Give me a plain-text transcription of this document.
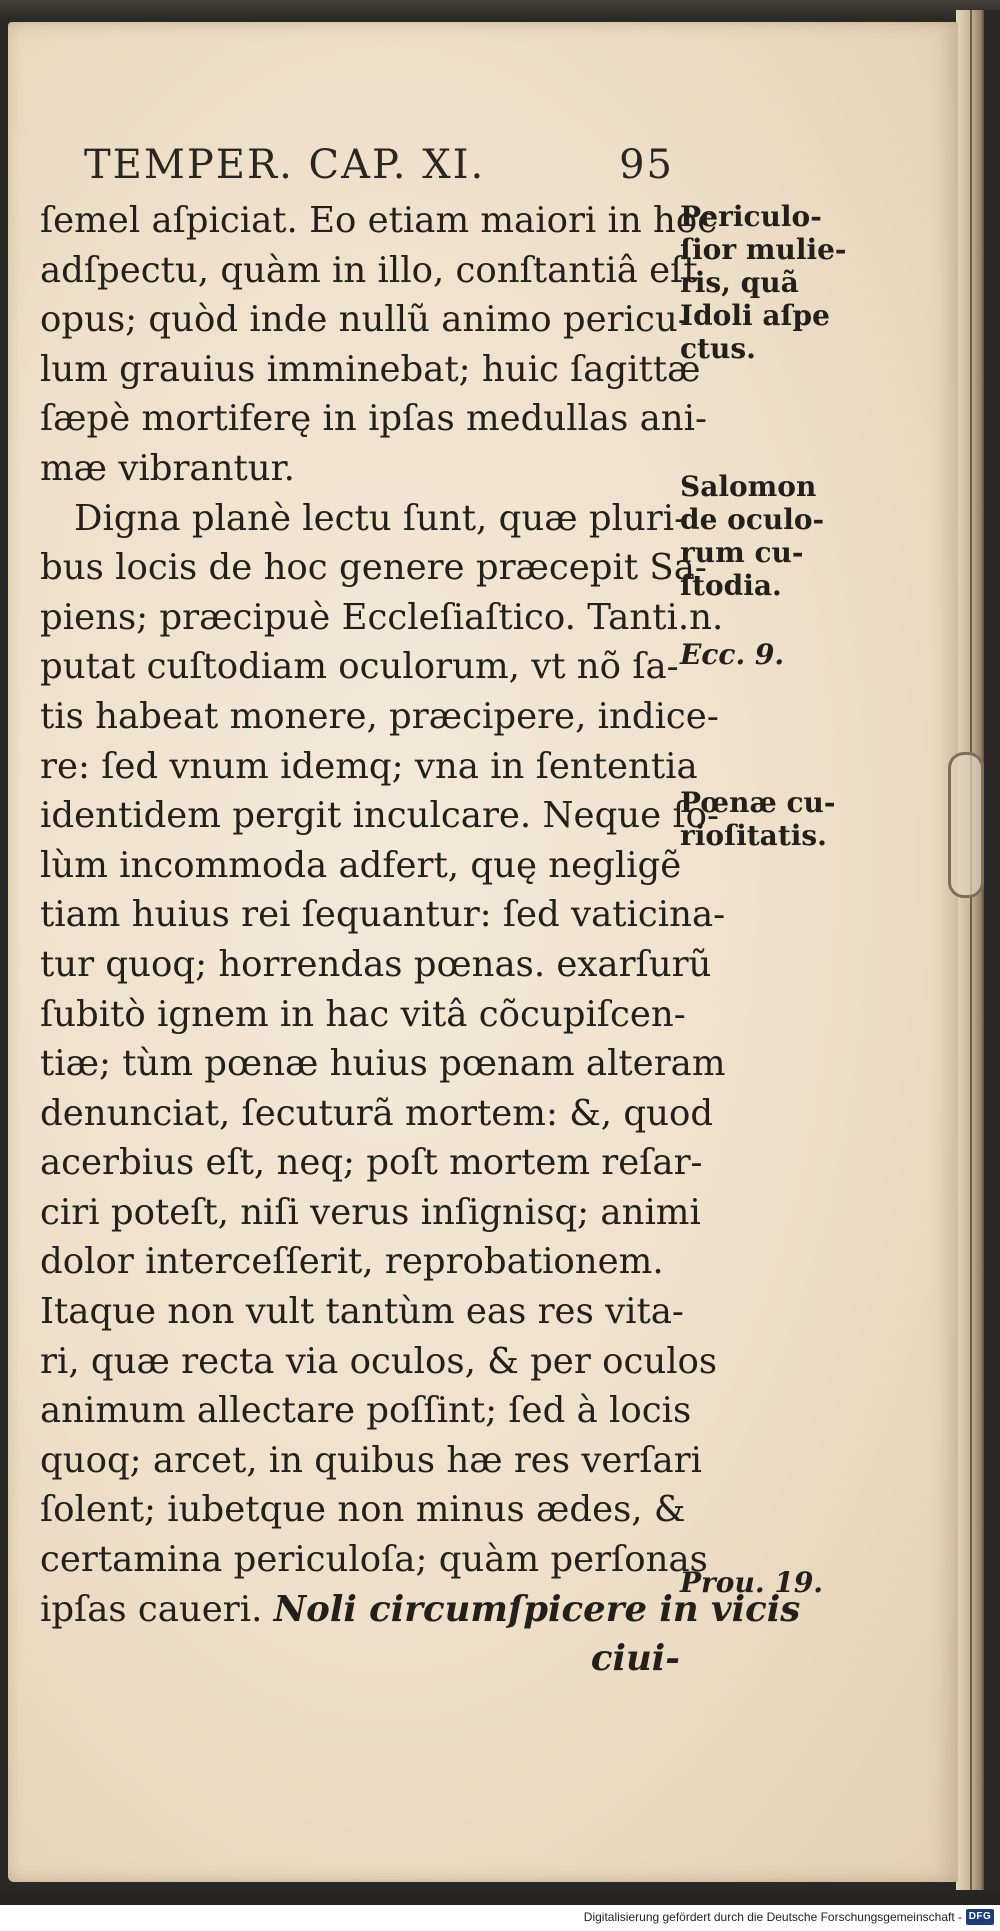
TEMPER. CAP. XI.	95
ſemel aſpiciat. Eo etiam maiori in hoc
adſpectu, quàm in illo, conſtantiâ eſt
opus; quòd inde nullũ animo pericu-
lum grauius imminebat; huic ſagittæ
ſæpè mortiferę in ipſas medullas ani-
mæ vibrantur.
Digna planè lectu ſunt, quæ pluri-
bus locis de hoc genere præcepit Sa-
piens; præcipuè Eccleſiaſtico. Tanti.n.
putat cuſtodiam oculorum, vt nõ ſa-
tis habeat monere, præcipere, indice-
re: ſed vnum idemq; vna in ſententia
identidem pergit inculcare. Neque ſo-
lùm incommoda adfert, quę negligẽ
tiam huius rei ſequantur: ſed vaticina-
tur quoq; horrendas pœnas. exarſurũ
ſubitò ignem in hac vitâ cõcupiſcen-
tiæ; tùm pœnæ huius pœnam alteram
denunciat, ſecuturã mortem: &, quod
acerbius eſt, neq; poſt mortem reſar-
ciri poteſt, niſi verus inſignisq; animi
dolor interceſſerit, reprobationem.
Itaque non vult tantùm eas res vita-
ri, quæ recta via oculos, & per oculos
animum allectare poſſint; ſed à locis
quoq; arcet, in quibus hæ res verſari
ſolent; iubetque non minus ædes, &
certamina periculoſa; quàm perſonas
ipſas caueri. Noli circumſpicere in vicis
ciui-
Periculo-
ſior mulie-
ris, quã
Idoli aſpe
ctus.
Salomon
de oculo-
rum cu-
ſtodia.
Ecc. 9.
Pœnæ cu-
rioſitatis.
Prou. 19.
Digitalisierung gefördert durch die Deutsche Forschungsgemeinschaft - DFG
